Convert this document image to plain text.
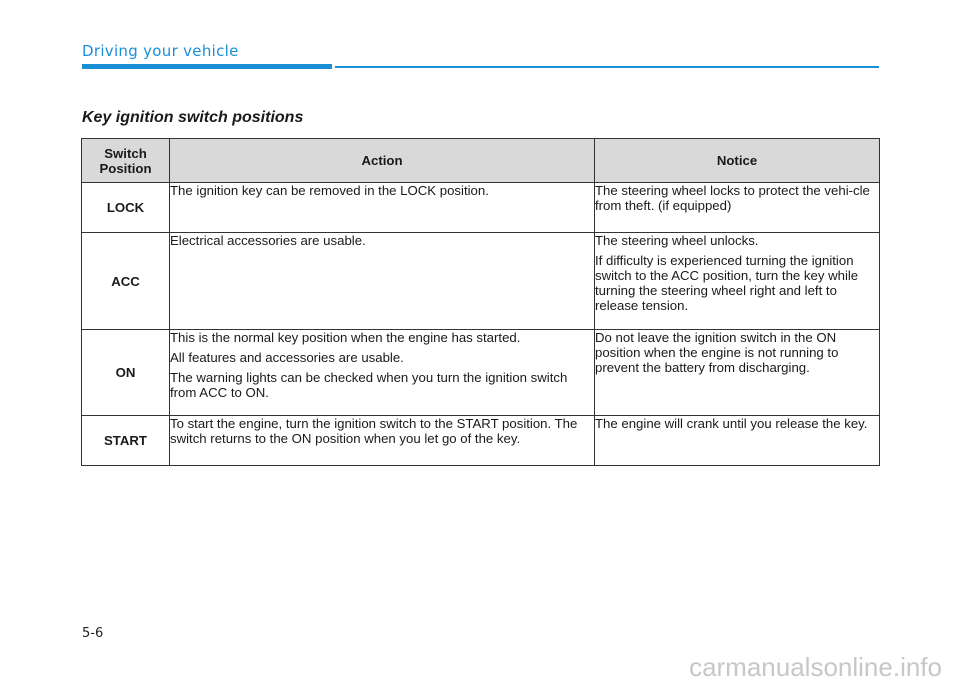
Driving your vehicle
Key ignition switch positions
Switch Position	Action	Notice
LOCK	The ignition key can be removed in the LOCK position.	The steering wheel locks to protect the vehi-cle from theft. (if equipped)

ACC	Electrical accessories are usable.	The steering wheel unlocks.

If difficulty is experienced turning the ignition switch to the ACC position, turn the key while turning the steering wheel right and left to release tension.

ON	This is the normal key position when the engine has started.

All features and accessories are usable.

The warning lights can be checked when you turn the ignition switch from ACC to ON.	Do not leave the ignition switch in the ON position when the engine is not running to prevent the battery from discharging.

START	To start the engine, turn the ignition switch to the START position. The switch returns to the ON position when you let go of the key.	The engine will crank until you release the key.

5-6
carmanualsonline.info
